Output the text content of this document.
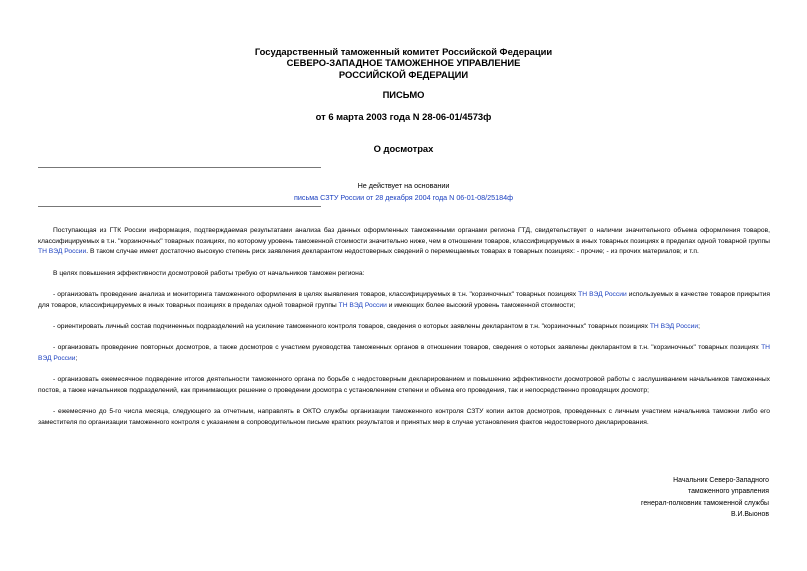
Государственный таможенный комитет Российской Федерации
СЕВЕРО-ЗАПАДНОЕ ТАМОЖЕННОЕ УПРАВЛЕНИЕ
РОССИЙСКОЙ ФЕДЕРАЦИИ
ПИСЬМО
от 6 марта 2003 года N 28-06-01/4573ф
О досмотрах
Не действует на основании
письма СЗТУ России от 28 декабря 2004 года N 06-01-08/25184ф

Поступающая из ГТК России информация, подтверждаемая результатами анализа баз данных оформленных таможенными органами региона ГТД, свидетельствует о наличии значительного объема оформления товаров, классифицируемых в т.н. "корзиночных" товарных позициях, по которому уровень таможенной стоимости значительно ниже, чем в отношении товаров, классифицируемых в иных товарных позициях в пределах одной товарной группы ТН ВЭД России. В таком случае имеет достаточно высокую степень риск заявления декларантом недостоверных сведений о перемещаемых товарах в товарных позициях: - прочие; - из прочих материалов; и т.п.

В целях повышения эффективности досмотровой работы требую от начальников таможен региона:

- организовать проведение анализа и мониторинга таможенного оформления в целях выявления товаров, классифицируемых в т.н. "корзиночных" товарных позициях ТН ВЭД России используемых в качестве товаров прикрытия для товаров, классифицируемых в иных товарных позициях в пределах одной товарной группы ТН ВЭД России и имеющих более высокий уровень таможенной стоимости;

- ориентировать личный состав подчиненных подразделений на усиление таможенного контроля товаров, сведения о которых заявлены декларантом в т.н. "корзиночных" товарных позициях ТН ВЭД России;

- организовать проведение повторных досмотров, а также досмотров с участием руководства таможенных органов в отношении товаров, сведения о которых заявлены декларантом в т.н. "корзиночных" товарных позициях ТН ВЭД России;

- организовать ежемесячное подведение итогов деятельности таможенного органа по борьбе с недостоверным декларированием и повышению эффективности досмотровой работы с заслушиванием начальников таможенных постов, а также начальников подразделений, как принимающих решение о проведении досмотра с установлением степени и объема его проведения, так и непосредственно проводящих досмотр;

- ежемесячно до 5-го числа месяца, следующего за отчетным, направлять в ОКТО службы организации таможенного контроля СЗТУ копии актов досмотров, проведенных с личным участием начальника таможни либо его заместителя по организации таможенного контроля с указанием в сопроводительном письме кратких результатов и принятых мер в случае установления фактов недостоверного декларирования.

Начальник Северо-Западного
таможенного управления
генерал-полковник таможенной службы
В.И.Выонов
